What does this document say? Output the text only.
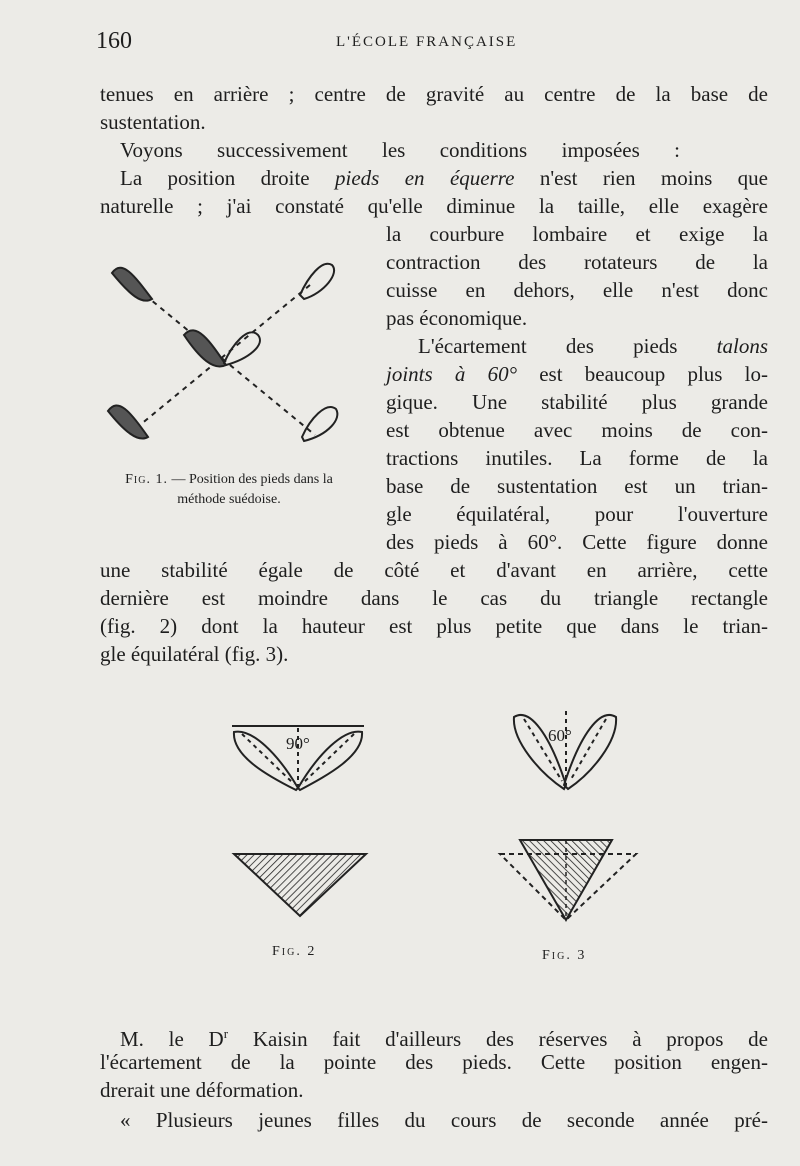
160	L'ÉCOLE FRANÇAISE
tenues en arrière ; centre de gravité au centre de la base de
sustentation.
Voyons successivement les conditions imposées :
La position droite pieds en équerre n'est rien moins que
naturelle ; j'ai constaté qu'elle diminue la taille, elle exagère
la courbure lombaire et exige la
contraction des rotateurs de la
cuisse en dehors, elle n'est donc
pas économique.
L'écartement des pieds talons
joints à 60° est beaucoup plus lo-
gique. Une stabilité plus grande
est obtenue avec moins de con-
tractions inutiles. La forme de la
base de sustentation est un trian-
gle équilatéral, pour l'ouverture
des pieds à 60°. Cette figure donne
une stabilité égale de côté et d'avant en arrière, cette
dernière est moindre dans le cas du triangle rectangle
(fig. 2) dont la hauteur est plus petite que dans le trian-
gle équilatéral (fig. 3).
Fig. 1. — Position des pieds dans la méthode suédoise.
90°
Fig. 2
60°
Fig. 3
M. le $D^r$ Kaisin fait d'ailleurs des réserves à propos de
l'écartement de la pointe des pieds. Cette position engen-
drerait une déformation.
« Plusieurs jeunes filles du cours de seconde année pré-
